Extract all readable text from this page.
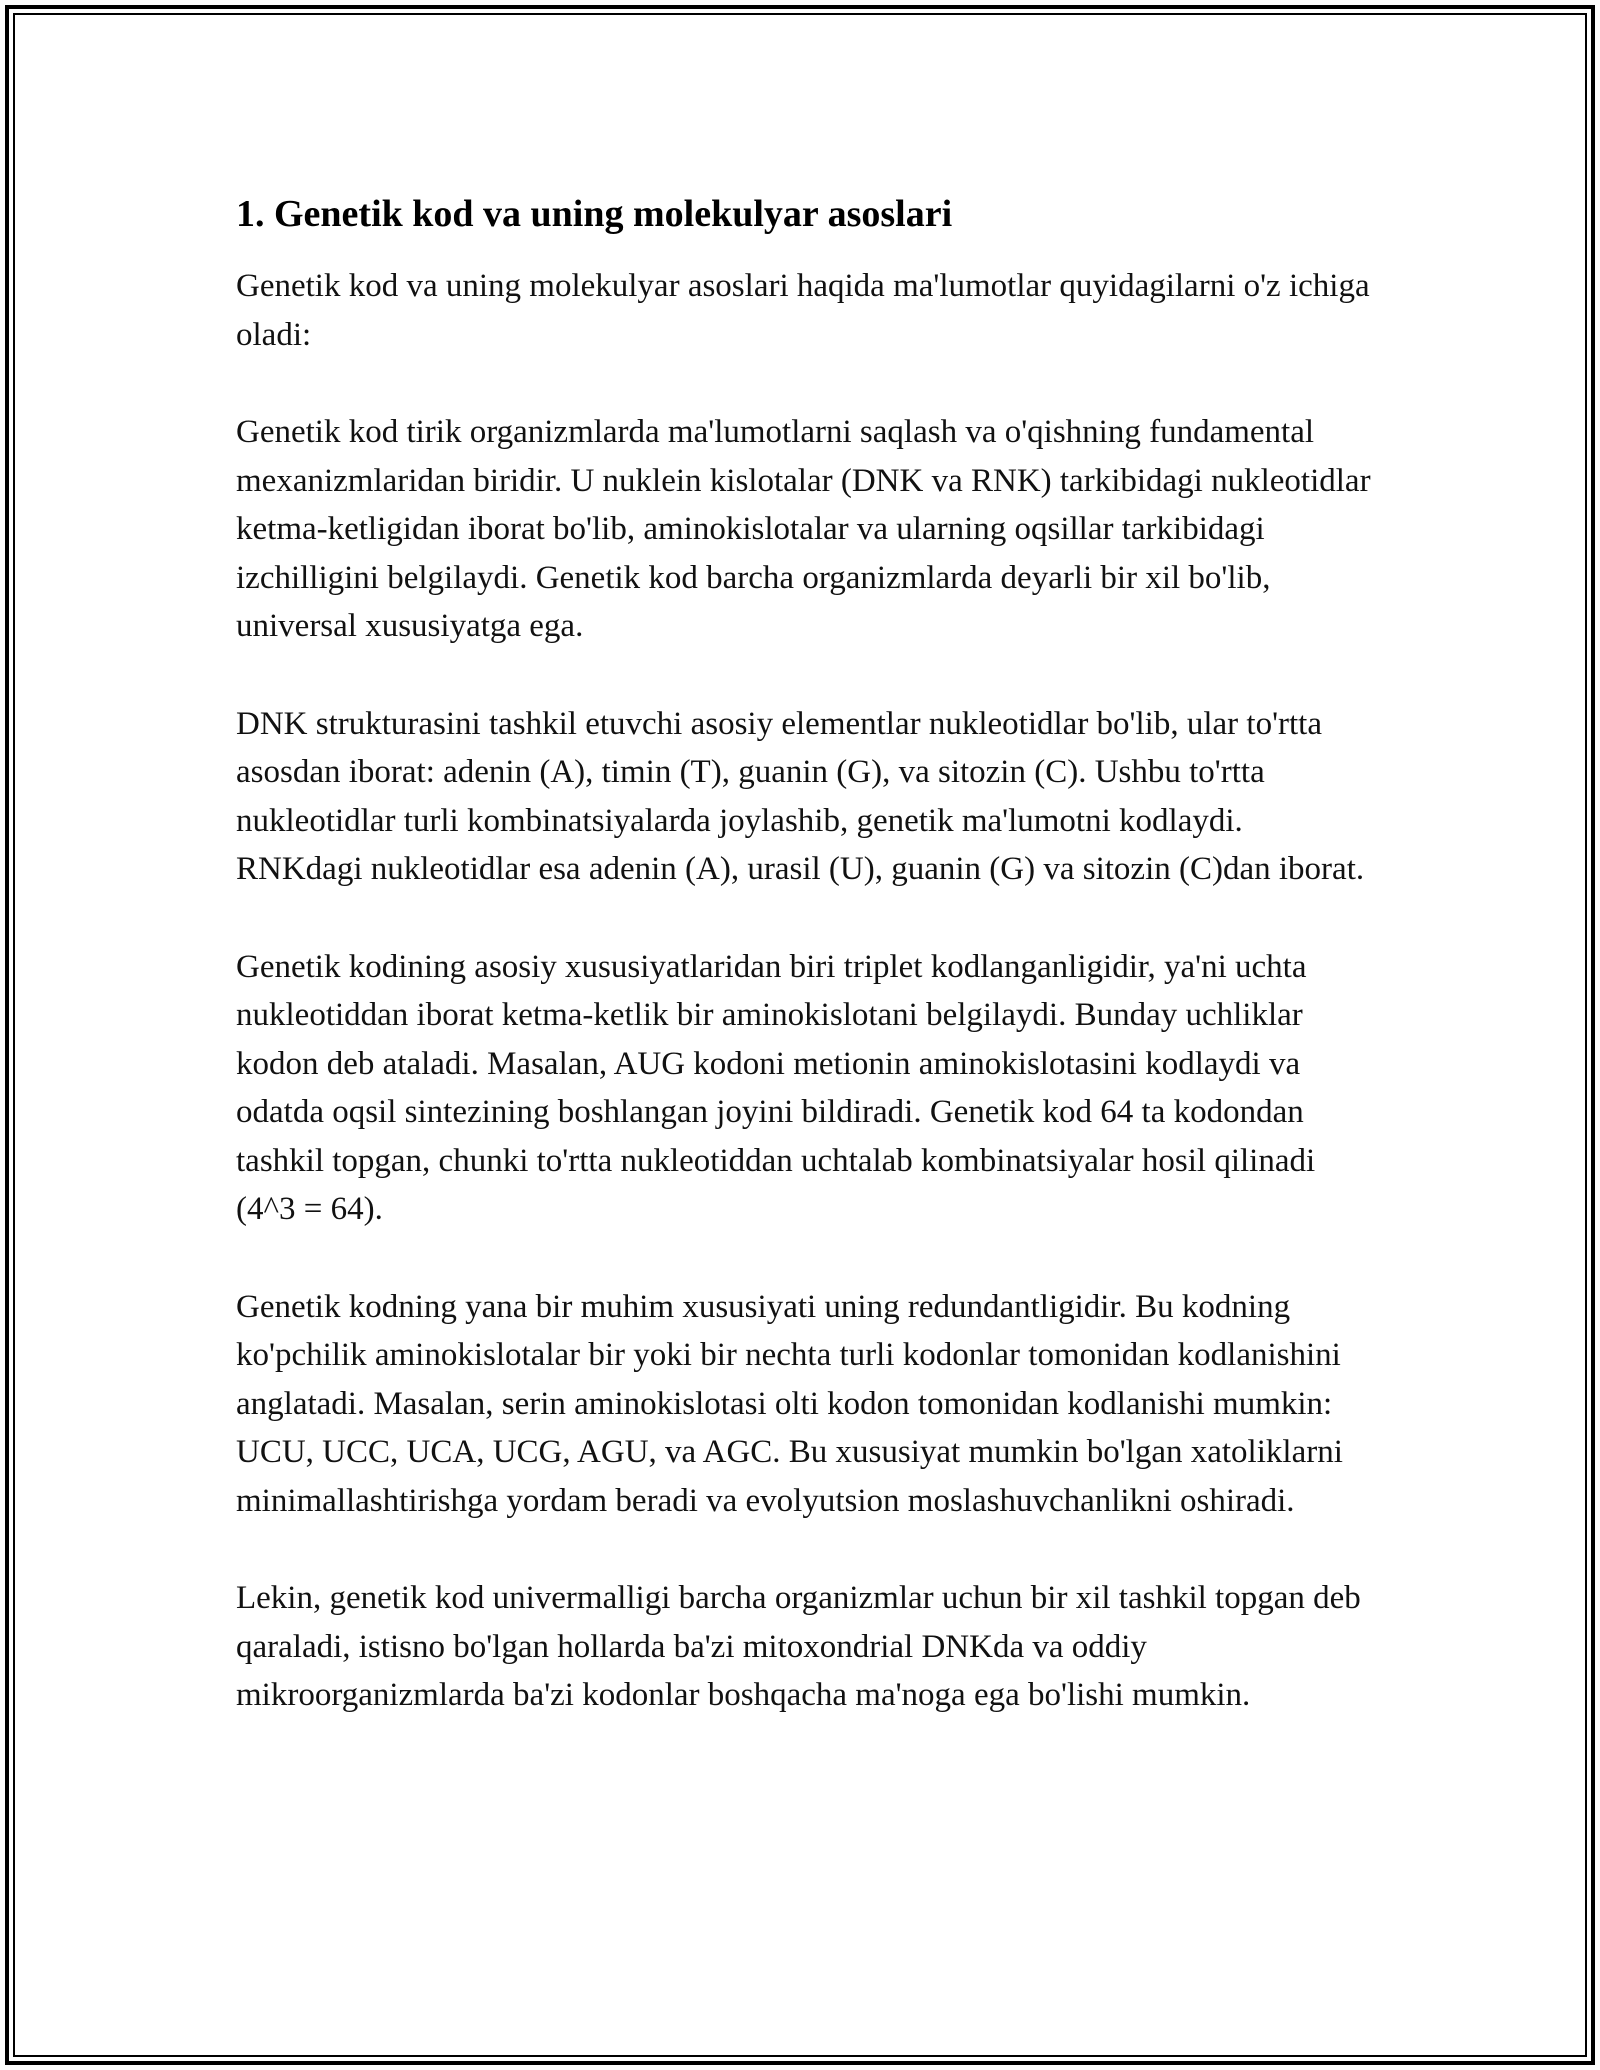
1. Genetik kod va uning molekulyar asoslari

Genetik kod va uning molekulyar asoslari haqida ma'lumotlar quyidagilarni o'z ichiga oladi:

Genetik kod tirik organizmlarda ma'lumotlarni saqlash va o'qishning fundamental mexanizmlaridan biridir. U nuklein kislotalar (DNK va RNK) tarkibidagi nukleotidlar ketma-ketligidan iborat bo'lib, aminokislotalar va ularning oqsillar tarkibidagi izchilligini belgilaydi. Genetik kod barcha organizmlarda deyarli bir xil bo'lib, universal xususiyatga ega.

DNK strukturasini tashkil etuvchi asosiy elementlar nukleotidlar bo'lib, ular to'rtta asosdan iborat: adenin (A), timin (T), guanin (G), va sitozin (C). Ushbu to'rtta nukleotidlar turli kombinatsiyalarda joylashib, genetik ma'lumotni kodlaydi. RNKdagi nukleotidlar esa adenin (A), urasil (U), guanin (G) va sitozin (C)dan iborat.

Genetik kodining asosiy xususiyatlaridan biri triplet kodlanganligidir, ya'ni uchta nukleotiddan iborat ketma-ketlik bir aminokislotani belgilaydi. Bunday uchliklar kodon deb ataladi. Masalan, AUG kodoni metionin aminokislotasini kodlaydi va odatda oqsil sintezining boshlangan joyini bildiradi. Genetik kod 64 ta kodondan tashkil topgan, chunki to'rtta nukleotiddan uchtalab kombinatsiyalar hosil qilinadi (4^3 = 64).

Genetik kodning yana bir muhim xususiyati uning redundantligidir. Bu kodning ko'pchilik aminokislotalar bir yoki bir nechta turli kodonlar tomonidan kodlanishini anglatadi. Masalan, serin aminokislotasi olti kodon tomonidan kodlanishi mumkin: UCU, UCC, UCA, UCG, AGU, va AGC. Bu xususiyat mumkin bo'lgan xatoliklarni minimallashtirishga yordam beradi va evolyutsion moslashuvchanlikni oshiradi.

Lekin, genetik kod univermalligi barcha organizmlar uchun bir xil tashkil topgan deb qaraladi, istisno bo'lgan hollarda ba'zi mitoxondrial DNKda va oddiy mikroorganizmlarda ba'zi kodonlar boshqacha ma'noga ega bo'lishi mumkin.
